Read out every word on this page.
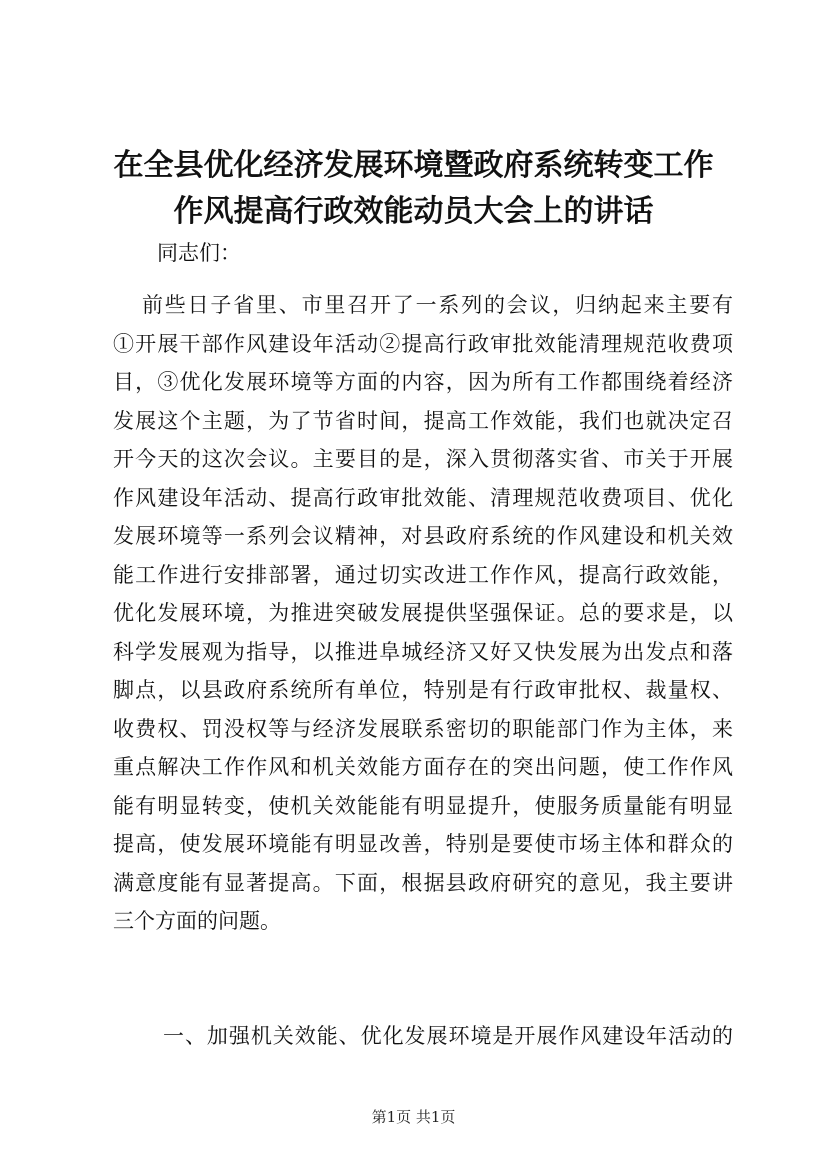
在全县优化经济发展环境暨政府系统转变工作
作风提高行政效能动员大会上的讲话

同志们：

前些日子省里、市里召开了一系列的会议，归纳起来主要有
①开展干部作风建设年活动②提高行政审批效能清理规范收费项
目，③优化发展环境等方面的内容，因为所有工作都围绕着经济
发展这个主题，为了节省时间，提高工作效能，我们也就决定召
开今天的这次会议。主要目的是，深入贯彻落实省、市关于开展
作风建设年活动、提高行政审批效能、清理规范收费项目、优化
发展环境等一系列会议精神，对县政府系统的作风建设和机关效
能工作进行安排部署，通过切实改进工作作风，提高行政效能，
优化发展环境，为推进突破发展提供坚强保证。总的要求是，以
科学发展观为指导，以推进阜城经济又好又快发展为出发点和落
脚点，以县政府系统所有单位，特别是有行政审批权、裁量权、
收费权、罚没权等与经济发展联系密切的职能部门作为主体，来
重点解决工作作风和机关效能方面存在的突出问题，使工作作风
能有明显转变，使机关效能能有明显提升，使服务质量能有明显
提高，使发展环境能有明显改善，特别是要使市场主体和群众的
满意度能有显著提高。下面，根据县政府研究的意见，我主要讲
三个方面的问题。

一、加强机关效能、优化发展环境是开展作风建设年活动的

第1页 共1页
